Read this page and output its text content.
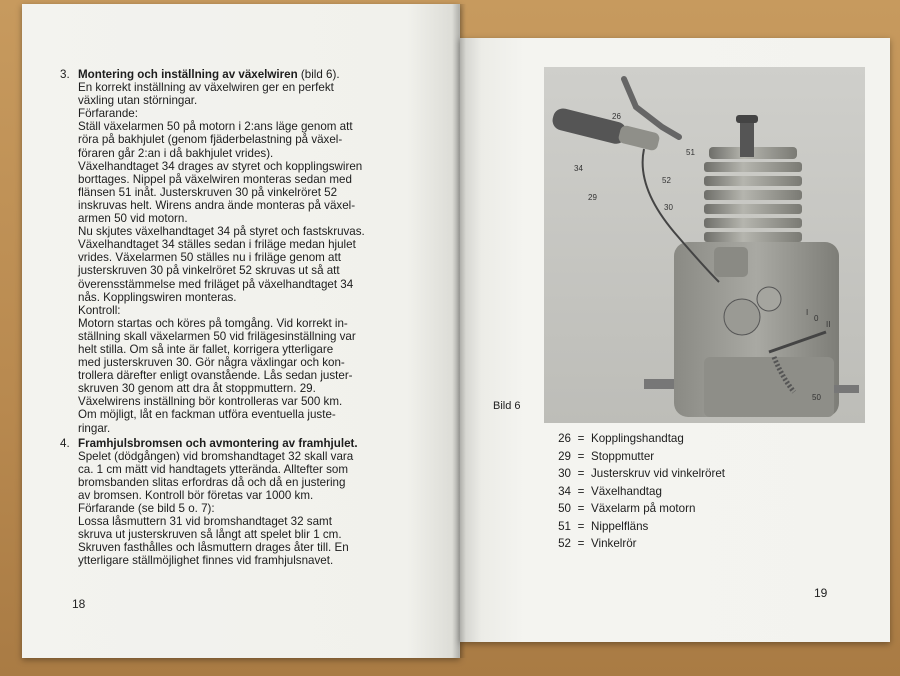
3. Montering och inställning av växelwiren (bild 6).

En korrekt inställning av växelwiren ger en perfekt

växling utan störningar.

Förfarande:

Ställ växelarmen 50 på motorn i 2:ans läge genom att

röra på bakhjulet (genom fjäderbelastning på växel-

föraren går 2:an i då bakhjulet vrides).

Växelhandtaget 34 drages av styret och kopplingswiren

borttages. Nippel på växelwiren monteras sedan med

flänsen 51 inåt. Justerskruven 30 på vinkelröret 52

inskruvas helt. Wirens andra ände monteras på växel-

armen 50 vid motorn.

Nu skjutes växelhandtaget 34 på styret och fastskruvas.

Växelhandtaget 34 ställes sedan i friläge medan hjulet

vrides. Växelarmen 50 ställes nu i friläge genom att

justerskruven 30 på vinkelröret 52 skruvas ut så att

överensstämmelse med friläget på växelhandtaget 34

nås. Kopplingswiren monteras.

Kontroll:

Motorn startas och köres på tomgång. Vid korrekt in-

ställning skall växelarmen 50 vid frilägesinställning var

helt stilla. Om så inte är fallet, korrigera ytterligare

med justerskruven 30. Gör några växlingar och kon-

trollera därefter enligt ovanstående. Lås sedan juster-

skruven 30 genom att dra åt stoppmuttern. 29.

Växelwirens inställning bör kontrolleras var 500 km.

Om möjligt, låt en fackman utföra eventuella juste-

ringar.

4. Framhjulsbromsen och avmontering av framhjulet.

Spelet (dödgången) vid bromshandtaget 32 skall vara

ca. 1 cm mätt vid handtagets ytterända. Alltefter som

bromsbanden slitas erfordras då och då en justering

av bromsen. Kontroll bör företas var 1000 km.

Förfarande (se bild 5 o. 7):

Lossa låsmuttern 31 vid bromshandtaget 32 samt

skruva ut justerskruven så långt att spelet blir 1 cm.

Skruven fasthålles och låsmuttern drages åter till. En

ytterligare ställmöjlighet finnes vid framhjulsnavet.

18
26
51
34
52
29
30
I
0
II
50
Bild 6
26 = Kopplingshandtag
29 = Stoppmutter
30 = Justerskruv vid vinkelröret
34 = Växelhandtag
50 = Växelarm på motorn
51 = Nippelfläns
52 = Vinkelrör
19
